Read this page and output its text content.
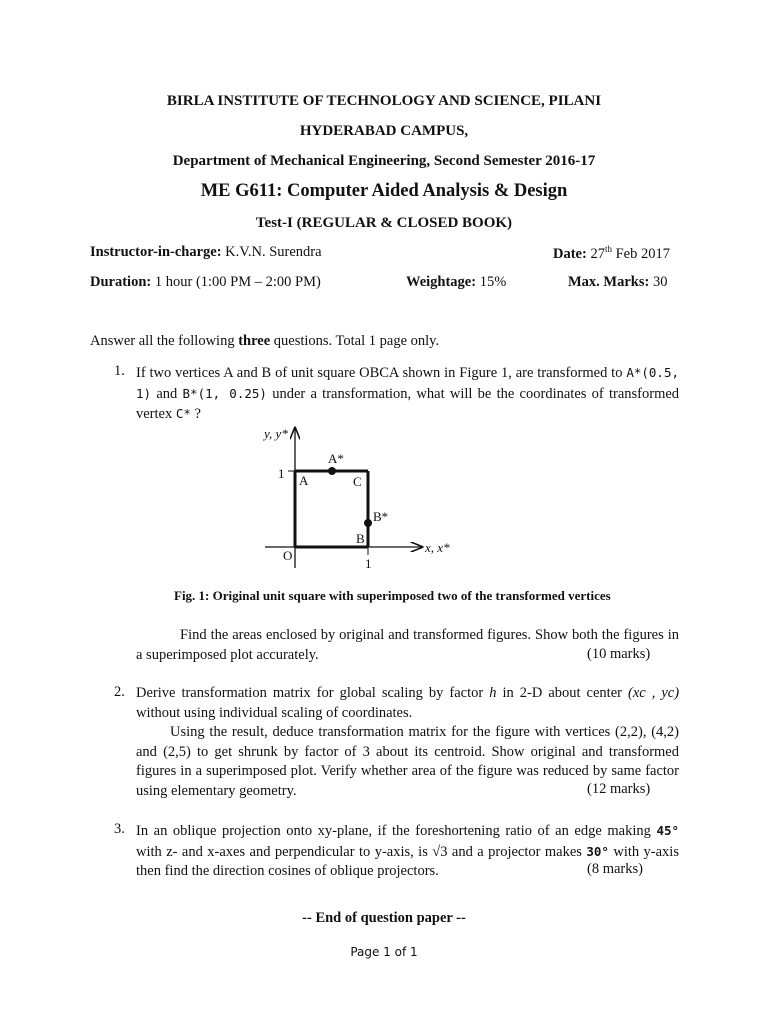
BIRLA INSTITUTE OF TECHNOLOGY AND SCIENCE, PILANI
HYDERABAD CAMPUS,
Department of Mechanical Engineering, Second Semester 2016-17
ME G611: Computer Aided Analysis & Design
Test-I (REGULAR & CLOSED BOOK)
Instructor-in-charge: K.V.N. Surendra	Date: 27th Feb 2017
Duration: 1 hour (1:00 PM – 2:00 PM)	Weightage: 15%	Max. Marks: 30
Answer all the following three questions. Total 1 page only.
1. If two vertices A and B of unit square OBCA shown in Figure 1, are transformed to A*(0.5, 1) and B*(1, 0.25) under a transformation, what will be the coordinates of transformed vertex C* ?
y, y*
x, x*
A*
B*
A	C
B
O
1
1
Fig. 1: Original unit square with superimposed two of the transformed vertices
Find the areas enclosed by original and transformed figures. Show both the figures in a superimposed plot accurately.	(10 marks)
2. Derive transformation matrix for global scaling by factor h in 2-D about center (xc , yc) without using individual scaling of coordinates.
Using the result, deduce transformation matrix for the figure with vertices (2,2), (4,2) and (2,5) to get shrunk by factor of 3 about its centroid. Show original and transformed figures in a superimposed plot. Verify whether area of the figure was reduced by same factor using elementary geometry.	(12 marks)
3. In an oblique projection onto xy-plane, if the foreshortening ratio of an edge making 45° with z- and x-axes and perpendicular to y-axis, is √3 and a projector makes 30° with y-axis then find the direction cosines of oblique projectors.	(8 marks)
-- End of question paper --
Page 1 of 1
